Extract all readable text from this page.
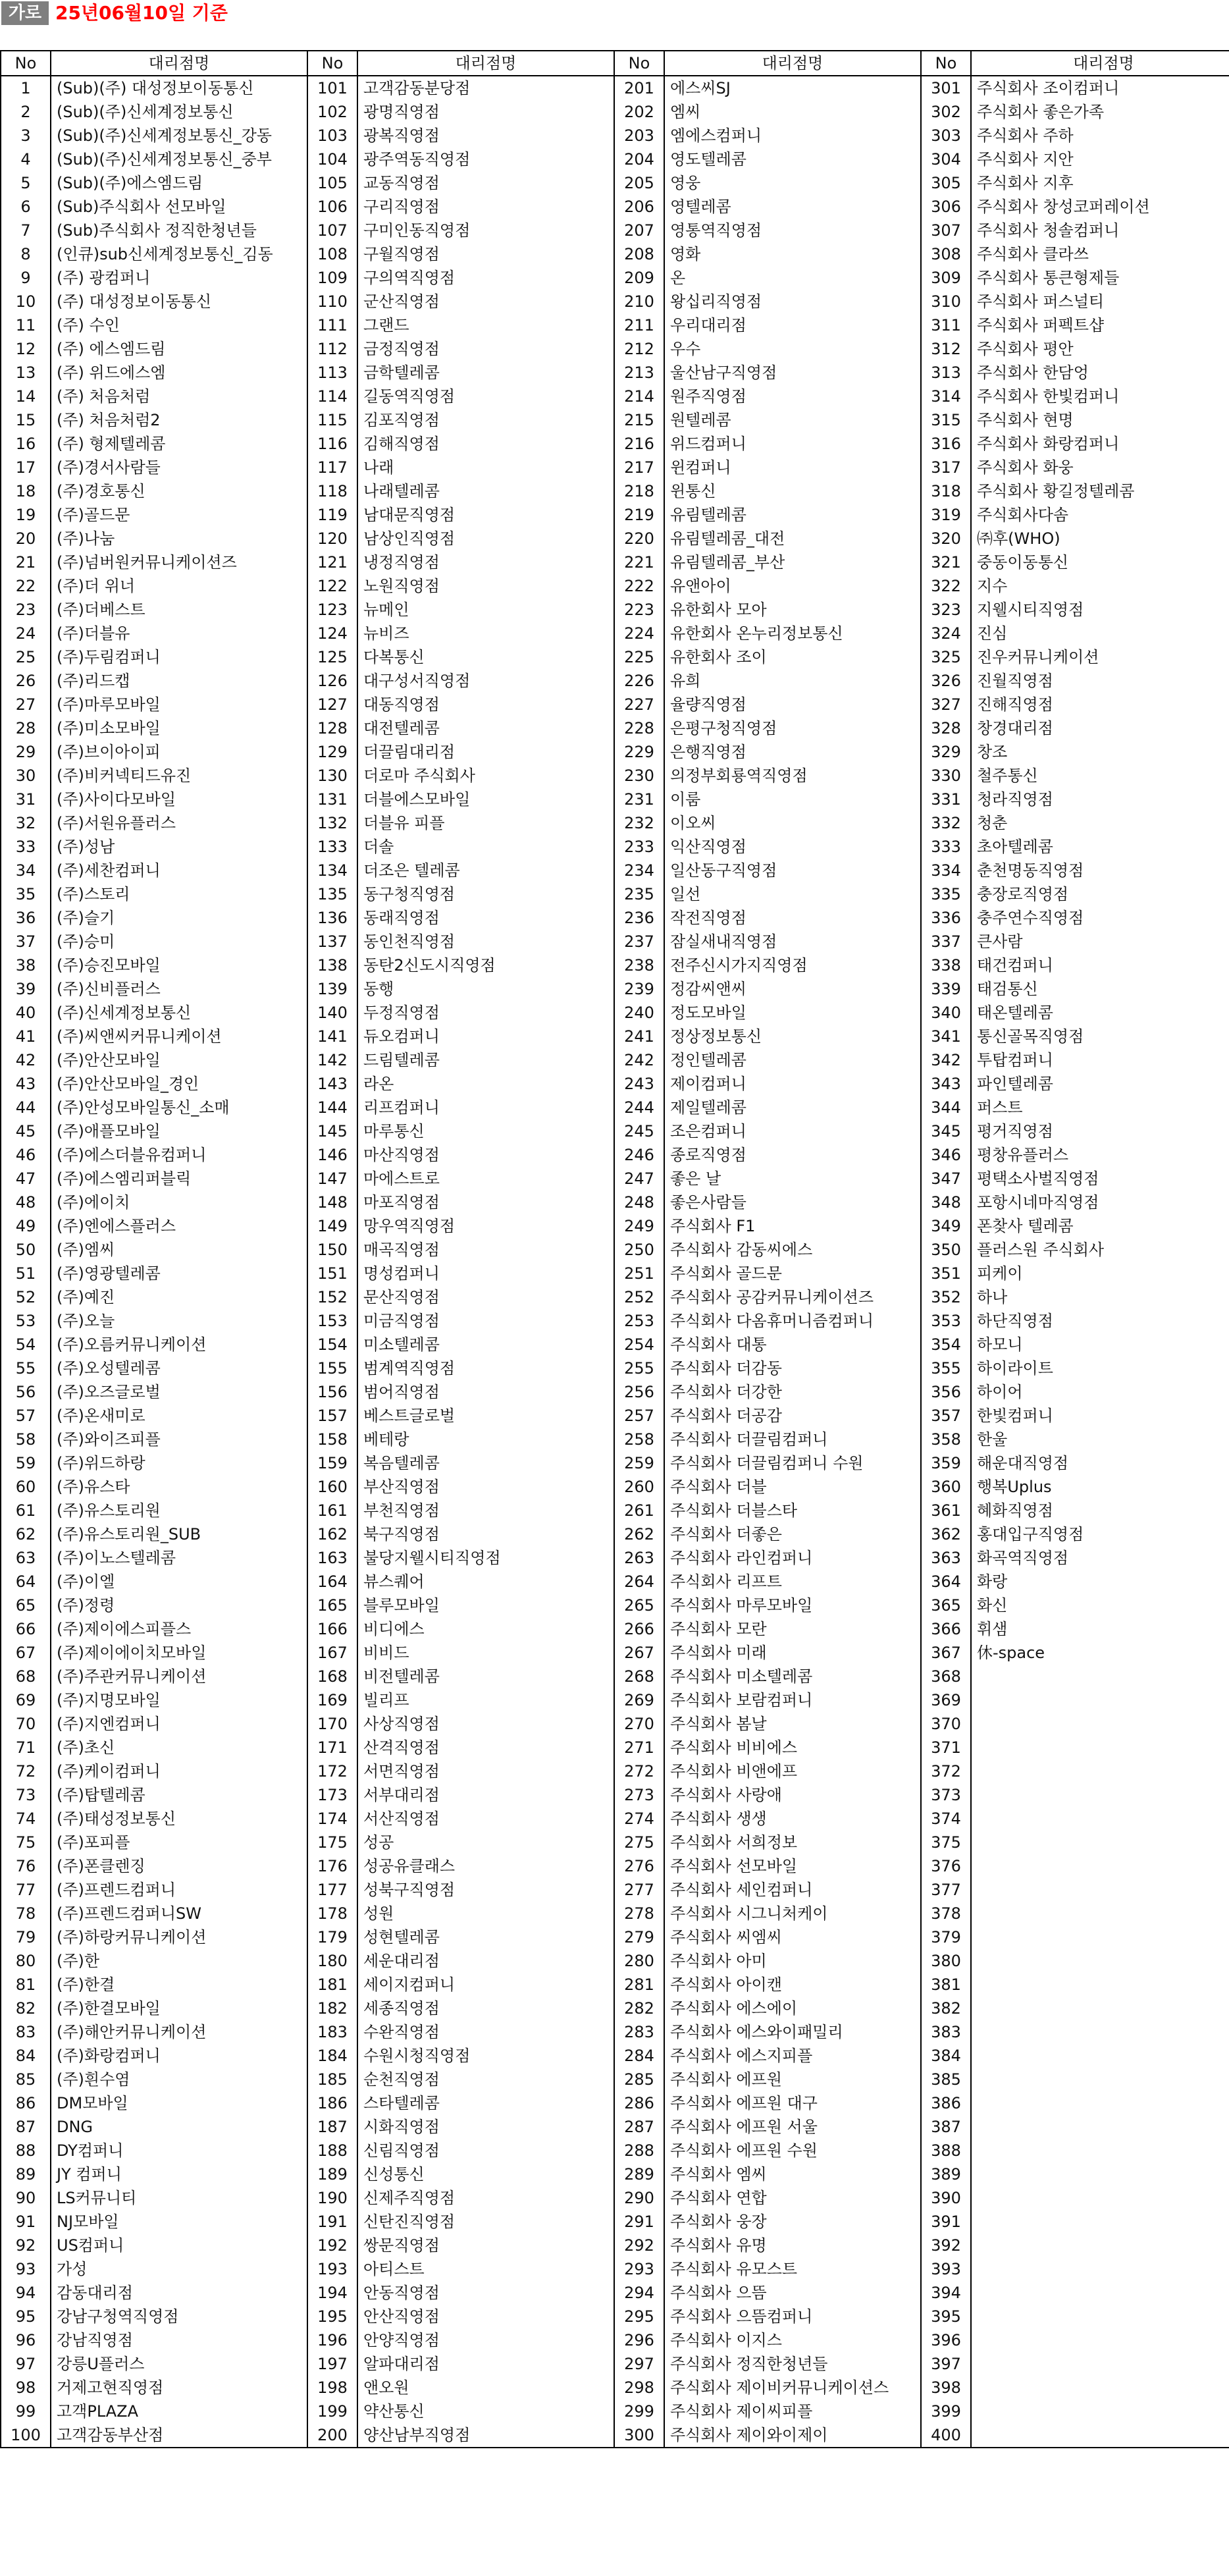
가로 25년06월10일 기준
No	대리점명	No	대리점명	No	대리점명	No	대리점명
1	(Sub)(주) 대성정보이동통신	101	고객감동분당점	201	에스씨SJ	301	주식회사 조이컴퍼니
2	(Sub)(주)신세계정보통신	102	광명직영점	202	엠씨	302	주식회사 좋은가족
3	(Sub)(주)신세계정보통신_강동	103	광복직영점	203	엠에스컴퍼니	303	주식회사 주하
4	(Sub)(주)신세계정보통신_중부	104	광주역동직영점	204	영도텔레콤	304	주식회사 지안
5	(Sub)(주)에스엠드림	105	교동직영점	205	영웅	305	주식회사 지후
6	(Sub)주식회사 선모바일	106	구리직영점	206	영텔레콤	306	주식회사 창성코퍼레이션
7	(Sub)주식회사 정직한청년들	107	구미인동직영점	207	영통역직영점	307	주식회사 청솔컴퍼니
8	(인큐)sub신세계정보통신_김동	108	구월직영점	208	영화	308	주식회사 클라쓰
9	(주) 광컴퍼니	109	구의역직영점	209	온	309	주식회사 통큰형제들
10	(주) 대성정보이동통신	110	군산직영점	210	왕십리직영점	310	주식회사 퍼스널티
11	(주) 수인	111	그랜드	211	우리대리점	311	주식회사 퍼펙트샵
12	(주) 에스엠드림	112	금정직영점	212	우수	312	주식회사 평안
13	(주) 위드에스엠	113	금학텔레콤	213	울산남구직영점	313	주식회사 한담엉
14	(주) 처음처럼	114	길동역직영점	214	원주직영점	314	주식회사 한빛컴퍼니
15	(주) 처음처럼2	115	김포직영점	215	원텔레콤	315	주식회사 현명
16	(주) 형제텔레콤	116	김해직영점	216	위드컴퍼니	316	주식회사 화랑컴퍼니
17	(주)경서사람들	117	나래	217	윈컴퍼니	317	주식회사 화웅
18	(주)경호통신	118	나래텔레콤	218	윈통신	318	주식회사 황길정텔레콤
19	(주)골드문	119	남대문직영점	219	유림텔레콤	319	주식회사다솜
20	(주)나눔	120	남상인직영점	220	유림텔레콤_대전	320	㈜후(WHO)
21	(주)넘버원커뮤니케이션즈	121	냉정직영점	221	유림텔레콤_부산	321	중동이동통신
22	(주)더 위너	122	노원직영점	222	유앤아이	322	지수
23	(주)더베스트	123	뉴메인	223	유한회사 모아	323	지웰시티직영점
24	(주)더블유	124	뉴비즈	224	유한회사 온누리정보통신	324	진심
25	(주)두림컴퍼니	125	다복통신	225	유한회사 조이	325	진우커뮤니케이션
26	(주)리드캡	126	대구성서직영점	226	유희	326	진월직영점
27	(주)마루모바일	127	대동직영점	227	율량직영점	327	진해직영점
28	(주)미소모바일	128	대전텔레콤	228	은평구청직영점	328	창경대리점
29	(주)브이아이피	129	더끌림대리점	229	은행직영점	329	창조
30	(주)비커넥티드유진	130	더로마 주식회사	230	의정부회룡역직영점	330	철주통신
31	(주)사이다모바일	131	더블에스모바일	231	이룸	331	청라직영점
32	(주)서원유플러스	132	더블유 피플	232	이오씨	332	청춘
33	(주)성남	133	더솔	233	익산직영점	333	초아텔레콤
34	(주)세찬컴퍼니	134	더조은 텔레콤	234	일산동구직영점	334	춘천명동직영점
35	(주)스토리	135	동구청직영점	235	일선	335	충장로직영점
36	(주)슬기	136	동래직영점	236	작전직영점	336	충주연수직영점
37	(주)승미	137	동인천직영점	237	잠실새내직영점	337	큰사람
38	(주)승진모바일	138	동탄2신도시직영점	238	전주신시가지직영점	338	태건컴퍼니
39	(주)신비플러스	139	동행	239	정감씨앤씨	339	태검통신
40	(주)신세계정보통신	140	두정직영점	240	정도모바일	340	태온텔레콤
41	(주)씨앤씨커뮤니케이션	141	듀오컴퍼니	241	정상정보통신	341	통신골목직영점
42	(주)안산모바일	142	드림텔레콤	242	정인텔레콤	342	투탑컴퍼니
43	(주)안산모바일_경인	143	라온	243	제이컴퍼니	343	파인텔레콤
44	(주)안성모바일통신_소매	144	리프컴퍼니	244	제일텔레콤	344	퍼스트
45	(주)애플모바일	145	마루통신	245	조은컴퍼니	345	평거직영점
46	(주)에스더블유컴퍼니	146	마산직영점	246	종로직영점	346	평창유플러스
47	(주)에스엠리퍼블릭	147	마에스트로	247	좋은 날	347	평택소사벌직영점
48	(주)에이치	148	마포직영점	248	좋은사람들	348	포항시네마직영점
49	(주)엔에스플러스	149	망우역직영점	249	주식회사 F1	349	폰찾사 텔레콤
50	(주)엠씨	150	매곡직영점	250	주식회사 감동씨에스	350	플러스원 주식회사
51	(주)영광텔레콤	151	명성컴퍼니	251	주식회사 골드문	351	피케이
52	(주)예진	152	문산직영점	252	주식회사 공감커뮤니케이션즈	352	하나
53	(주)오늘	153	미금직영점	253	주식회사 다옴휴머니즘컴퍼니	353	하단직영점
54	(주)오름커뮤니케이션	154	미소텔레콤	254	주식회사 대통	354	하모니
55	(주)오성텔레콤	155	범계역직영점	255	주식회사 더감동	355	하이라이트
56	(주)오즈글로벌	156	범어직영점	256	주식회사 더강한	356	하이어
57	(주)온새미로	157	베스트글로벌	257	주식회사 더공감	357	한빛컴퍼니
58	(주)와이즈피플	158	베테랑	258	주식회사 더끌림컴퍼니	358	한울
59	(주)위드하랑	159	복음텔레콤	259	주식회사 더끌림컴퍼니 수원	359	해운대직영점
60	(주)유스타	160	부산직영점	260	주식회사 더블	360	행복Uplus
61	(주)유스토리원	161	부천직영점	261	주식회사 더블스타	361	혜화직영점
62	(주)유스토리원_SUB	162	북구직영점	262	주식회사 더좋은	362	홍대입구직영점
63	(주)이노스텔레콤	163	불당지웰시티직영점	263	주식회사 라인컴퍼니	363	화곡역직영점
64	(주)이엘	164	뷰스퀘어	264	주식회사 리프트	364	화랑
65	(주)정령	165	블루모바일	265	주식회사 마루모바일	365	화신
66	(주)제이에스피플스	166	비디에스	266	주식회사 모란	366	휘샘
67	(주)제이에이치모바일	167	비비드	267	주식회사 미래	367	休-space
68	(주)주관커뮤니케이션	168	비전텔레콤	268	주식회사 미소텔레콤	368	
69	(주)지명모바일	169	빌리프	269	주식회사 보람컴퍼니	369	
70	(주)지엔컴퍼니	170	사상직영점	270	주식회사 봄날	370	
71	(주)초신	171	산격직영점	271	주식회사 비비에스	371	
72	(주)케이컴퍼니	172	서면직영점	272	주식회사 비앤에프	372	
73	(주)탑텔레콤	173	서부대리점	273	주식회사 사랑애	373	
74	(주)태성정보통신	174	서산직영점	274	주식회사 생생	374	
75	(주)포피플	175	성공	275	주식회사 서희정보	375	
76	(주)폰클렌징	176	성공유클래스	276	주식회사 선모바일	376	
77	(주)프렌드컴퍼니	177	성북구직영점	277	주식회사 세인컴퍼니	377	
78	(주)프렌드컴퍼니SW	178	성원	278	주식회사 시그니처케이	378	
79	(주)하랑커뮤니케이션	179	성현텔레콤	279	주식회사 씨엠씨	379	
80	(주)한	180	세운대리점	280	주식회사 아미	380	
81	(주)한결	181	세이지컴퍼니	281	주식회사 아이캔	381	
82	(주)한결모바일	182	세종직영점	282	주식회사 에스에이	382	
83	(주)해안커뮤니케이션	183	수완직영점	283	주식회사 에스와이패밀리	383	
84	(주)화랑컴퍼니	184	수원시청직영점	284	주식회사 에스지피플	384	
85	(주)흰수염	185	순천직영점	285	주식회사 에프원	385	
86	DM모바일	186	스타텔레콤	286	주식회사 에프원 대구	386	
87	DNG	187	시화직영점	287	주식회사 에프원 서울	387	
88	DY컴퍼니	188	신림직영점	288	주식회사 에프원 수원	388	
89	JY 컴퍼니	189	신성통신	289	주식회사 엠씨	389	
90	LS커뮤니티	190	신제주직영점	290	주식회사 연합	390	
91	NJ모바일	191	신탄진직영점	291	주식회사 웅장	391	
92	US컴퍼니	192	쌍문직영점	292	주식회사 유명	392	
93	가성	193	아티스트	293	주식회사 유모스트	393	
94	감동대리점	194	안동직영점	294	주식회사 으뜸	394	
95	강남구청역직영점	195	안산직영점	295	주식회사 으뜸컴퍼니	395	
96	강남직영점	196	안양직영점	296	주식회사 이지스	396	
97	강릉U플러스	197	알파대리점	297	주식회사 정직한청년들	397	
98	거제고현직영점	198	앤오원	298	주식회사 제이비커뮤니케이션스	398	
99	고객PLAZA	199	약산통신	299	주식회사 제이씨피플	399	
100	고객감동부산점	200	양산남부직영점	300	주식회사 제이와이제이	400	
